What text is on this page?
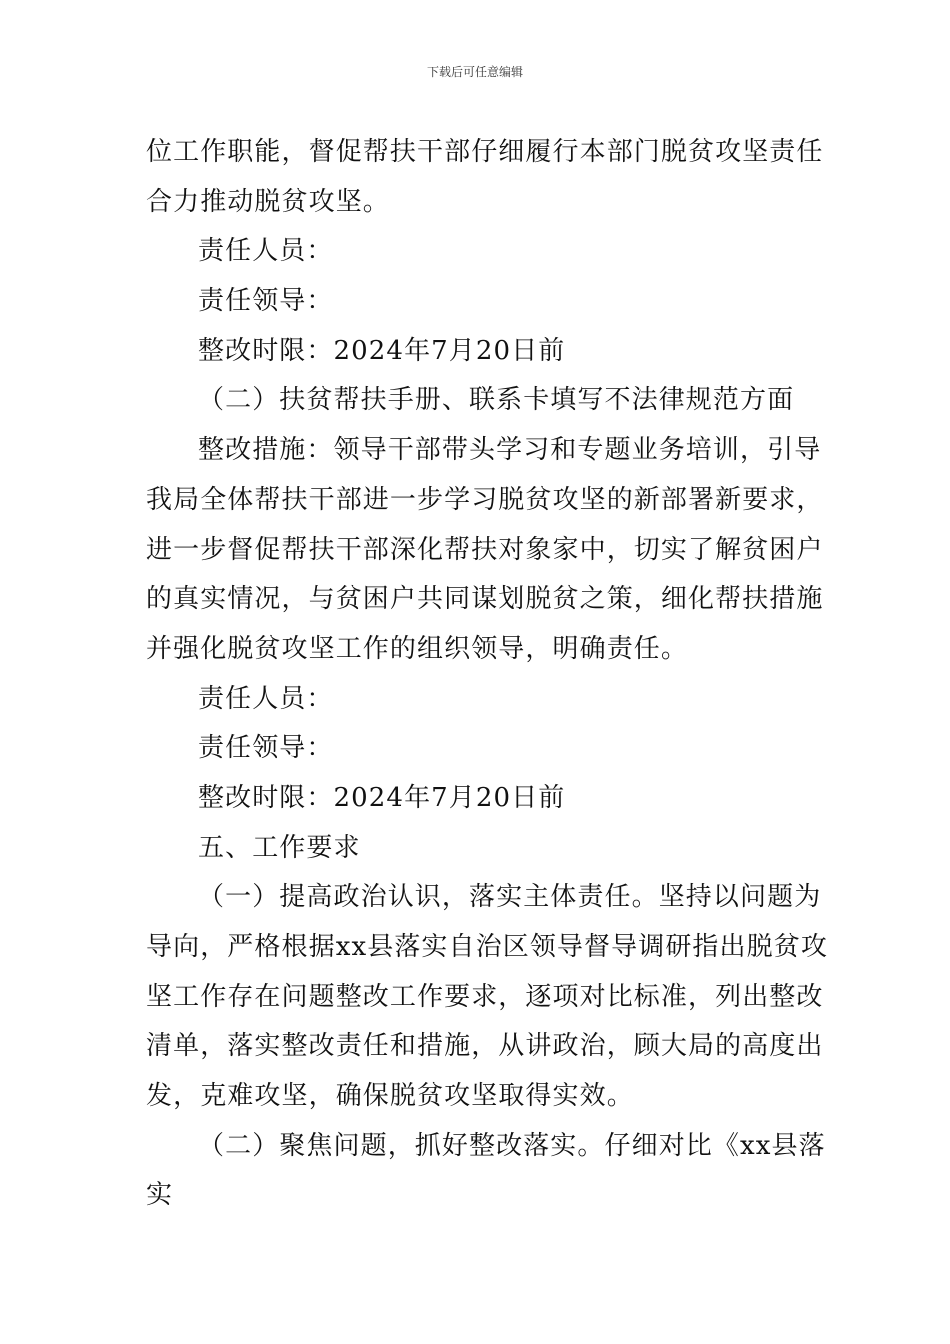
下载后可任意编辑
位工作职能，督促帮扶干部仔细履行本部门脱贫攻坚责任
合力推动脱贫攻坚。
责任人员：
责任领导：
整改时限：2024年7月20日前
（二）扶贫帮扶手册、联系卡填写不法律规范方面
整改措施：领导干部带头学习和专题业务培训，引导
我局全体帮扶干部进一步学习脱贫攻坚的新部署新要求，
进一步督促帮扶干部深化帮扶对象家中，切实了解贫困户
的真实情况，与贫困户共同谋划脱贫之策，细化帮扶措施
并强化脱贫攻坚工作的组织领导，明确责任。
责任人员：
责任领导：
整改时限：2024年7月20日前
五、工作要求
（一）提高政治认识，落实主体责任。坚持以问题为
导向，严格根据xx县落实自治区领导督导调研指出脱贫攻
坚工作存在问题整改工作要求，逐项对比标准，列出整改
清单，落实整改责任和措施，从讲政治，顾大局的高度出
发，克难攻坚，确保脱贫攻坚取得实效。
（二）聚焦问题，抓好整改落实。仔细对比《xx县落
实
